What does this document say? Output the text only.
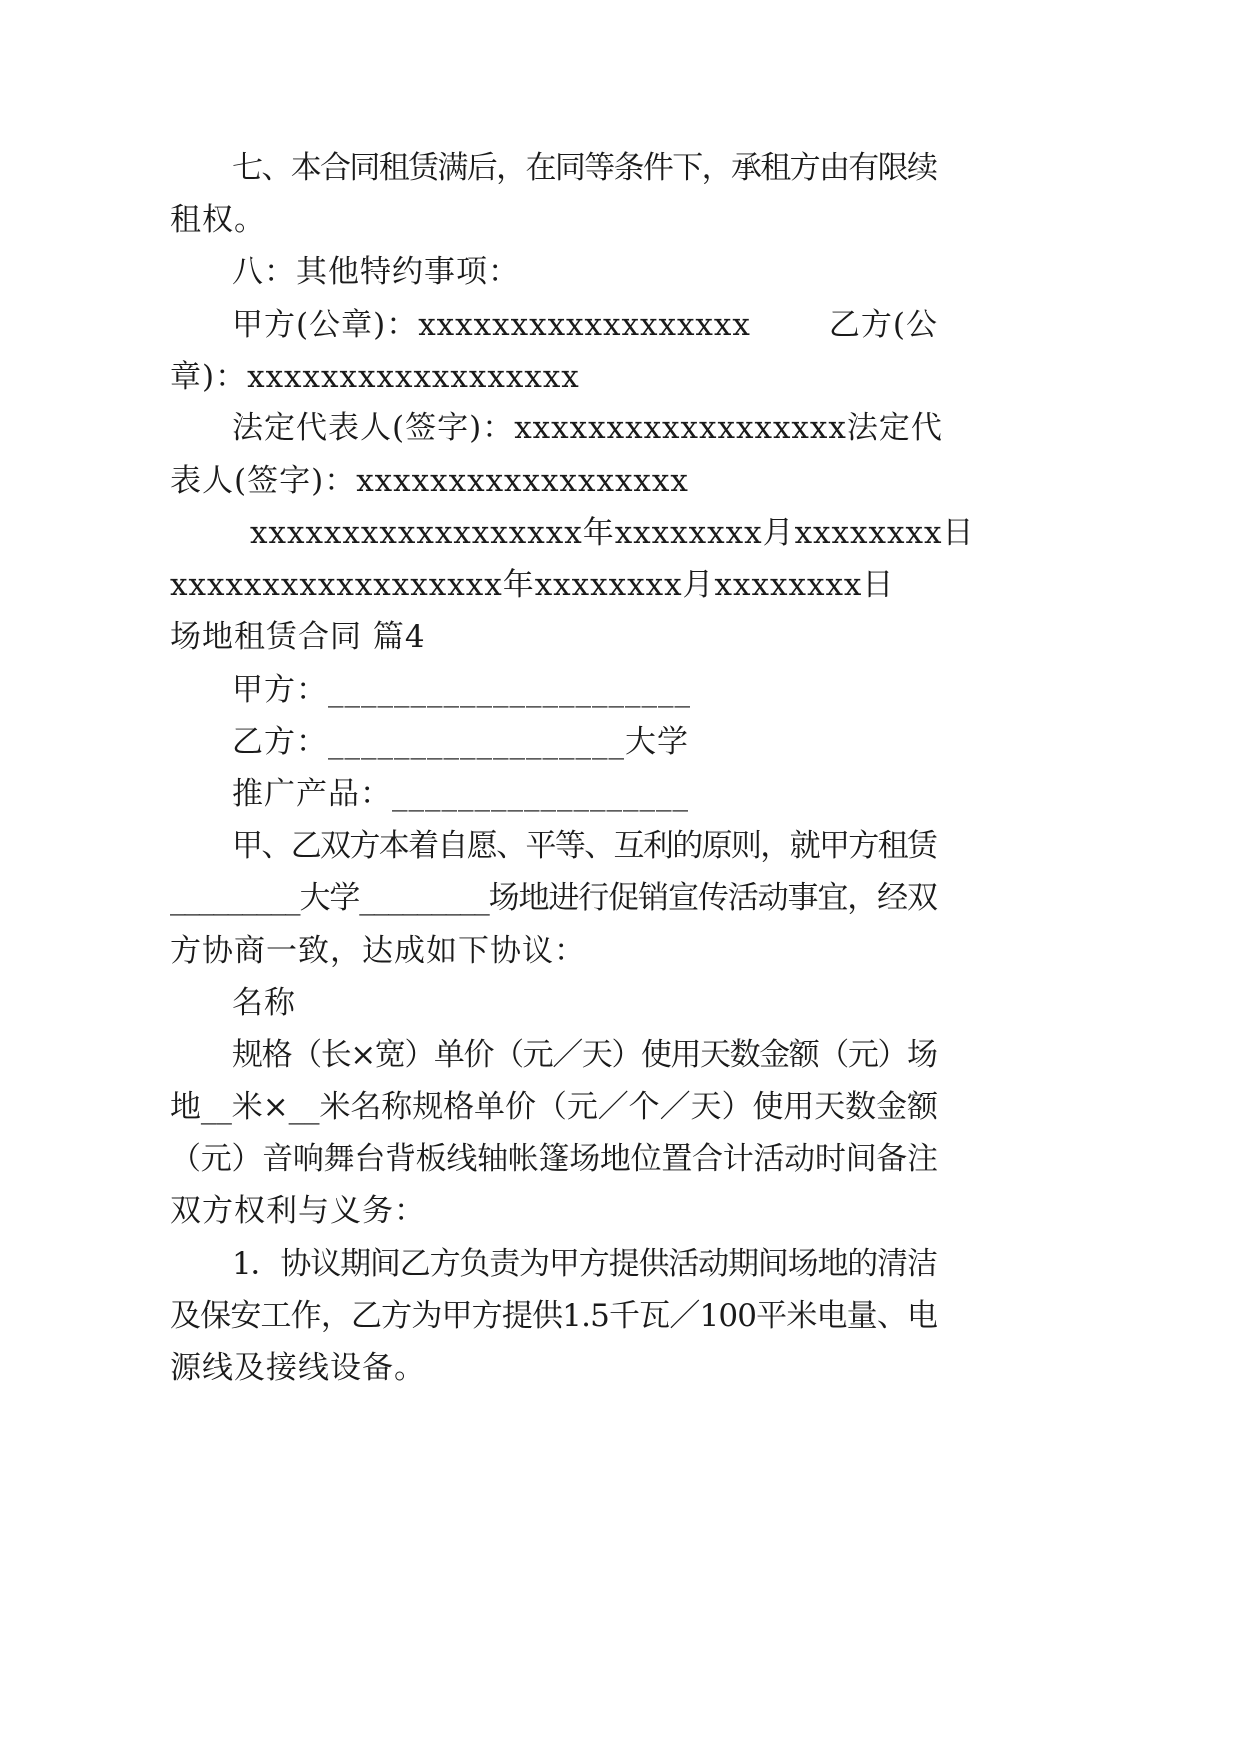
七、本合同租赁满后，在同等条件下，承租方由有限续
租权。
八：其他特约事项：
甲方(公章)：xxxxxxxxxxxxxxxxxx	乙方(公
章)：xxxxxxxxxxxxxxxxxx
法定代表人(签字)：xxxxxxxxxxxxxxxxxx 法定代
表人(签字)：xxxxxxxxxxxxxxxxxx
xxxxxxxxxxxxxxxxxx 年 xxxxxxxx 月 xxxxxxxx 日
xxxxxxxxxxxxxxxxxx年xxxxxxxx月xxxxxxxx日
场地租赁合同 篇4
甲方：______________________
乙方：__________________大学
推广产品：__________________
甲、乙双方本着自愿、平等、互利的原则，就甲方租赁
_________大学_________场地进行促销宣传活动事宜，经双
方协商一致，达成如下协议：
名称
规格（长×宽）单价（元／天）使用天数金额（元）场
地__米×__米名称规格单价（元／个／天）使用天数金额
（元）音响舞台背板线轴帐篷场地位置合计活动时间备注
双方权利与义务：
1．协议期间乙方负责为甲方提供活动期间场地的清洁
及保安工作，乙方为甲方提供1.5千瓦／100平米电量、电
源线及接线设备。
